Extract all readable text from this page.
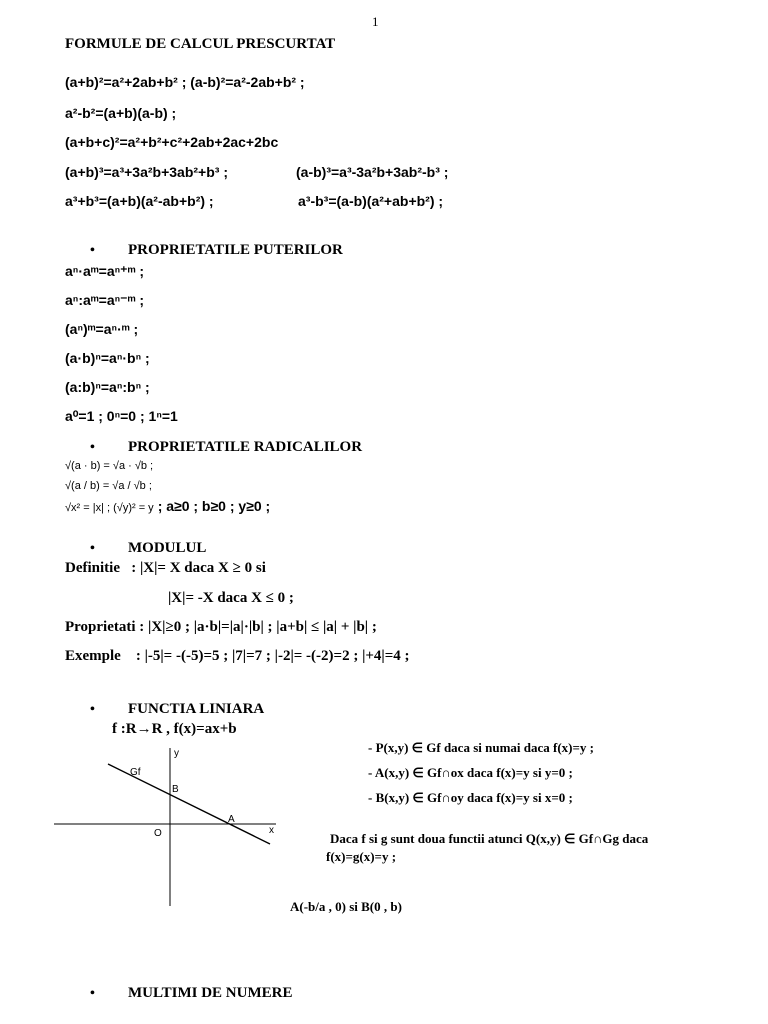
1
FORMULE DE CALCUL PRESCURTAT
(a+b)²=a²+2ab+b² ; (a-b)²=a²-2ab+b² ;
a²-b²=(a+b)(a-b) ;
(a+b+c)²=a²+b²+c²+2ab+2ac+2bc
(a+b)³=a³+3a²b+3ab²+b³ ;	(a-b)³=a³-3a²b+3ab²-b³ ;
a³+b³=(a+b)(a²-ab+b²) ;	a³-b³=(a-b)(a²+ab+b²) ;
• PROPRIETATILE PUTERILOR
aⁿ·aᵐ=aⁿ⁺ᵐ ;
aⁿ:aᵐ=aⁿ⁻ᵐ ;
(aⁿ)ᵐ=aⁿ·ᵐ ;
(a·b)ⁿ=aⁿ·bⁿ ;
(a:b)ⁿ=aⁿ:bⁿ ;
a⁰=1 ; 0ⁿ=0 ; 1ⁿ=1
• PROPRIETATILE RADICALILOR
√(a · b) = √a · √b ;
√(a / b) = √a / √b ;
√x² = |x| ; (√y)² = y ; a≥0 ; b≥0 ; y≥0 ;
• MODULUL
Definitie : |X|= X daca X ≥ 0 si
|X|= -X daca X ≤ 0 ;
Proprietati : |X|≥0 ; |a·b|=|a|·|b| ; |a+b| ≤ |a| + |b| ;
Exemple : |-5|= -(-5)=5 ; |7|=7 ; |-2|= -(-2)=2 ; |+4|=4 ;
• FUNCTIA LINIARA
f :R→R , f(x)=ax+b
- P(x,y) ∈ Gf daca si numai daca f(x)=y ;
- A(x,y) ∈ Gf∩ox daca f(x)=y si y=0 ;
- B(x,y) ∈ Gf∩oy daca f(x)=y si x=0 ;
Daca f si g sunt doua functii atunci Q(x,y) ∈ Gf∩Gg daca
f(x)=g(x)=y ;
A(-b/a , 0) si B(0 , b)
y
x
O
Gf
B
A
• MULTIMI DE NUMERE
